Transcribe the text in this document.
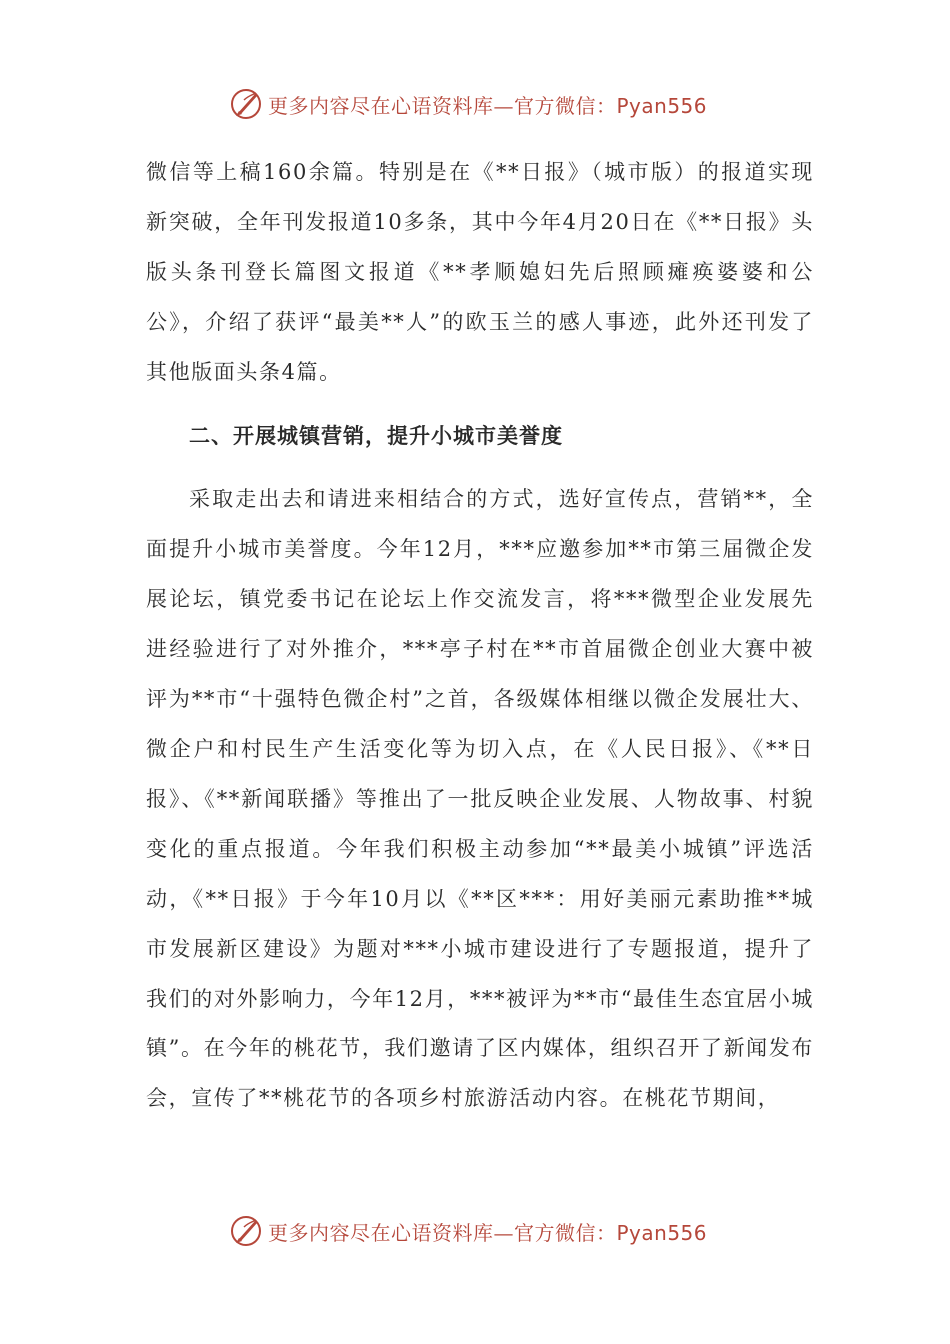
更多内容尽在心语资料库—官方微信：Pyan556

微信等上稿160余篇。特别是在《**日报》（城市版）的报道实现新突破，全年刊发报道10多条，其中今年4月20日在《**日报》头版头条刊登长篇图文报道《**孝顺媳妇先后照顾瘫痪婆婆和公公》，介绍了获评“最美**人”的欧玉兰的感人事迹，此外还刊发了其他版面头条4篇。

二、开展城镇营销，提升小城市美誉度

采取走出去和请进来相结合的方式，选好宣传点，营销**，全面提升小城市美誉度。今年12月，***应邀参加**市第三届微企发展论坛，镇党委书记在论坛上作交流发言，将***微型企业发展先进经验进行了对外推介，***亭子村在**市首届微企创业大赛中被评为**市“十强特色微企村”之首，各级媒体相继以微企发展壮大、微企户和村民生产生活变化等为切入点，在《人民日报》、《**日报》、《**新闻联播》等推出了一批反映企业发展、人物故事、村貌变化的重点报道。今年我们积极主动参加“**最美小城镇”评选活动，《**日报》于今年10月以《**区***：用好美丽元素助推**城市发展新区建设》为题对***小城市建设进行了专题报道，提升了我们的对外影响力，今年12月，***被评为**市“最佳生态宜居小城镇”。在今年的桃花节，我们邀请了区内媒体，组织召开了新闻发布会，宣传了**桃花节的各项乡村旅游活动内容。在桃花节期间，

更多内容尽在心语资料库—官方微信：Pyan556
